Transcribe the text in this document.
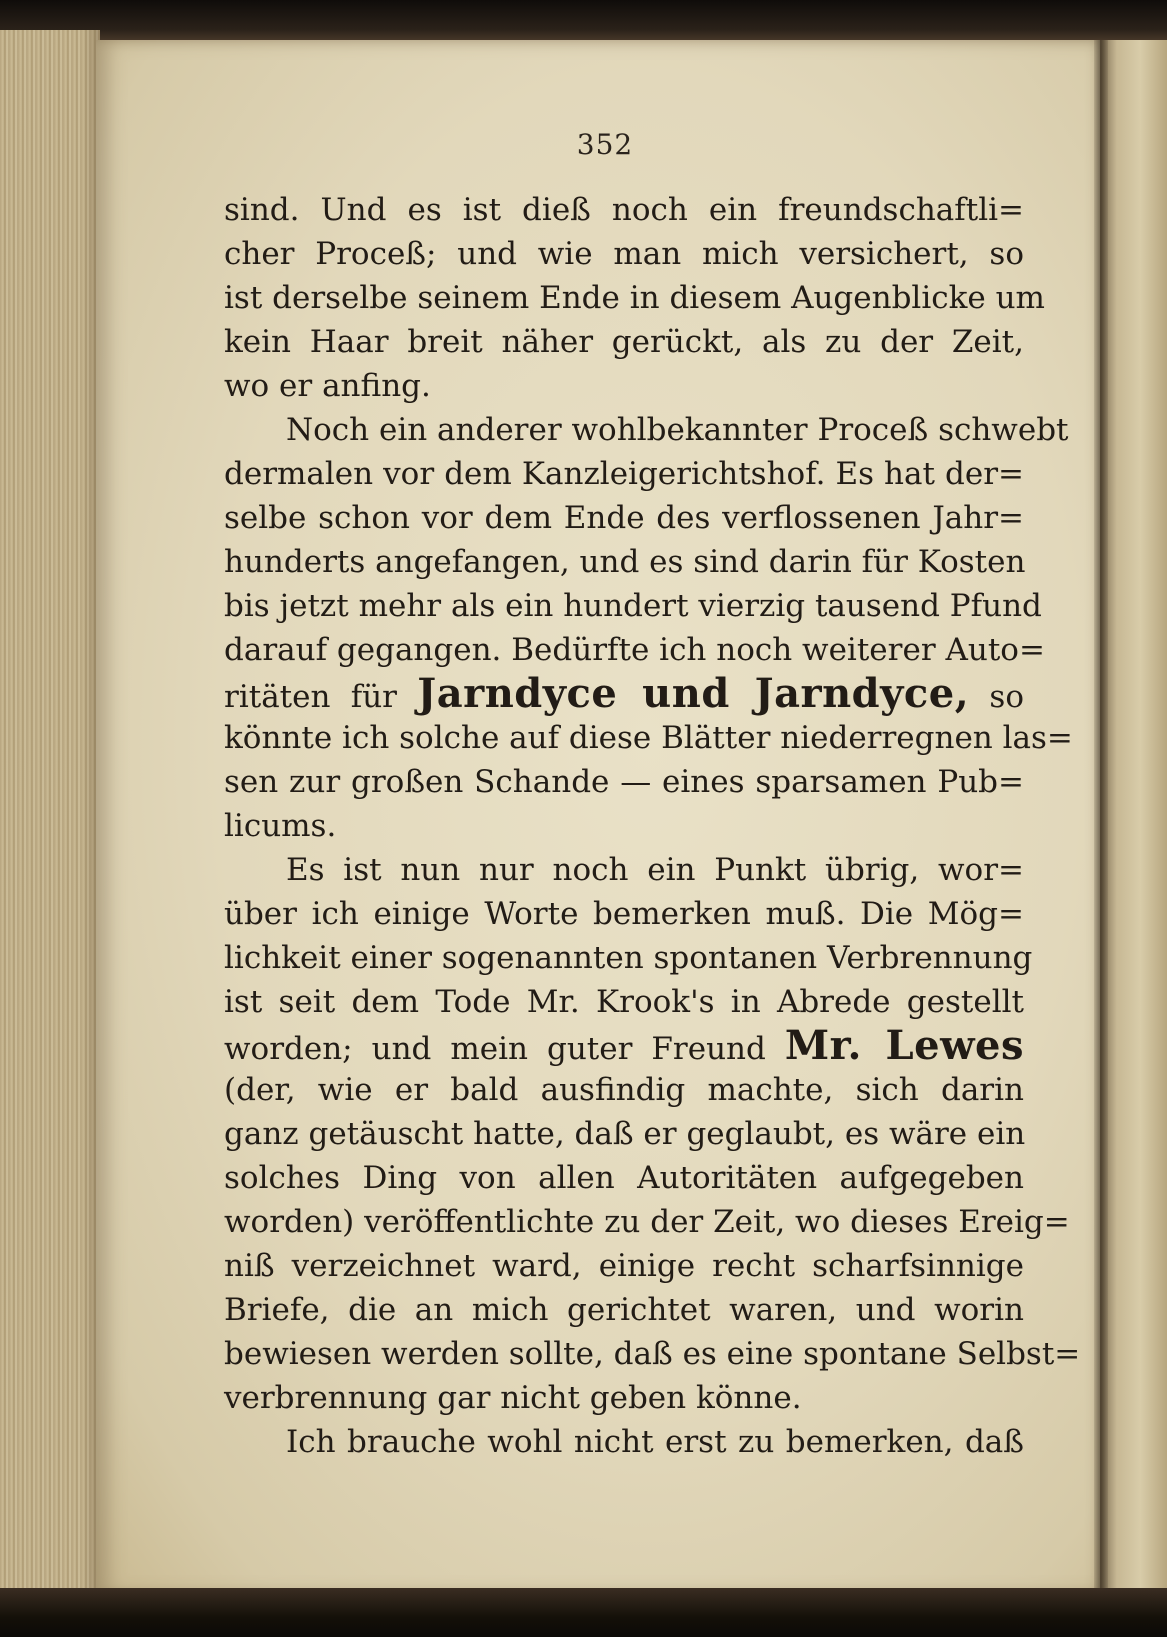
352
sind. Und es ist dieß noch ein freundschaftli=
cher Proceß; und wie man mich versichert, so
ist derselbe seinem Ende in diesem Augenblicke um
kein Haar breit näher gerückt, als zu der Zeit,
wo er anfing.
Noch ein anderer wohlbekannter Proceß schwebt
dermalen vor dem Kanzleigerichtshof. Es hat der=
selbe schon vor dem Ende des verflossenen Jahr=
hunderts angefangen, und es sind darin für Kosten
bis jetzt mehr als ein hundert vierzig tausend Pfund
darauf gegangen. Bedürfte ich noch weiterer Auto=
ritäten für Jarndyce und Jarndyce, so
könnte ich solche auf diese Blätter niederregnen las=
sen zur großen Schande — eines sparsamen Pub=
licums.
Es ist nun nur noch ein Punkt übrig, wor=
über ich einige Worte bemerken muß. Die Mög=
lichkeit einer sogenannten spontanen Verbrennung
ist seit dem Tode Mr. Krook's in Abrede gestellt
worden; und mein guter Freund Mr. Lewes
(der, wie er bald ausfindig machte, sich darin
ganz getäuscht hatte, daß er geglaubt, es wäre ein
solches Ding von allen Autoritäten aufgegeben
worden) veröffentlichte zu der Zeit, wo dieses Ereig=
niß verzeichnet ward, einige recht scharfsinnige
Briefe, die an mich gerichtet waren, und worin
bewiesen werden sollte, daß es eine spontane Selbst=
verbrennung gar nicht geben könne.
Ich brauche wohl nicht erst zu bemerken, daß
